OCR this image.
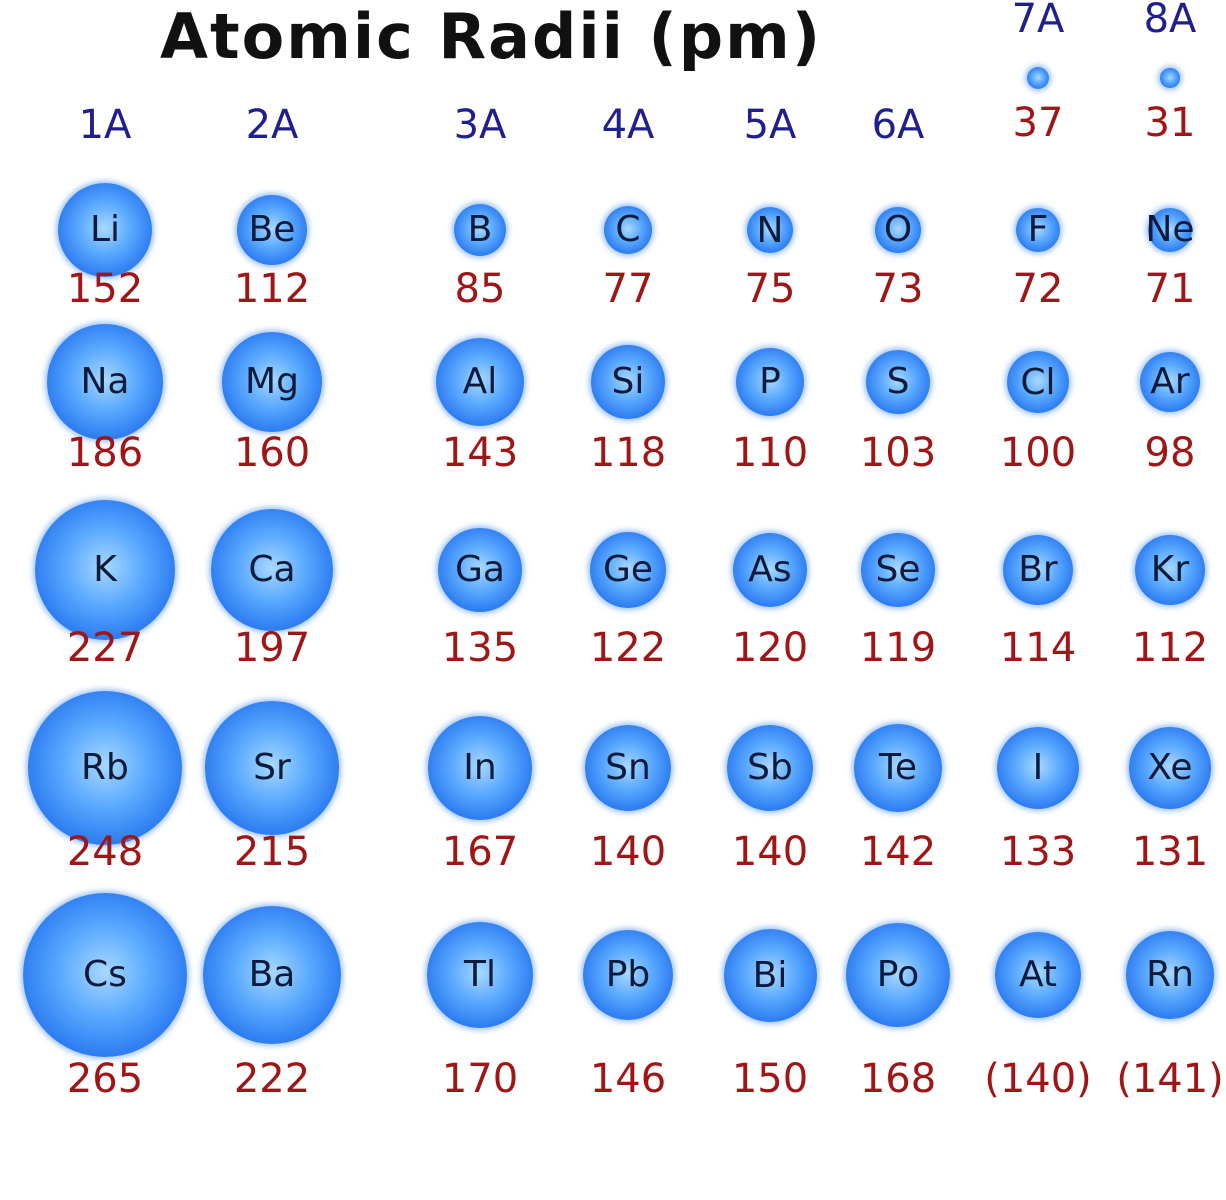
Atomic Radii (pm)
1A	2A	3A 4A 5A 6A
7A 8A
37 31
Li
152
Be
112
B
85
C
77
N
75
O
73
F
72
Ne
71
Na
186
Mg
160
Al
143
Si
118
P
110
S
103
Cl
100
Ar
98
K
227
Ca
197
Ga
135
Ge
122
As
120
Se
119
Br
114
Kr
112
Rb
248
Sr
215
In
167
Sn
140
Sb
140
Te
142
I
133
Xe
131
Cs
265
Ba
222
Tl
170
Pb
146
Bi
150
Po
168
At
(140)
Rn
(141)
